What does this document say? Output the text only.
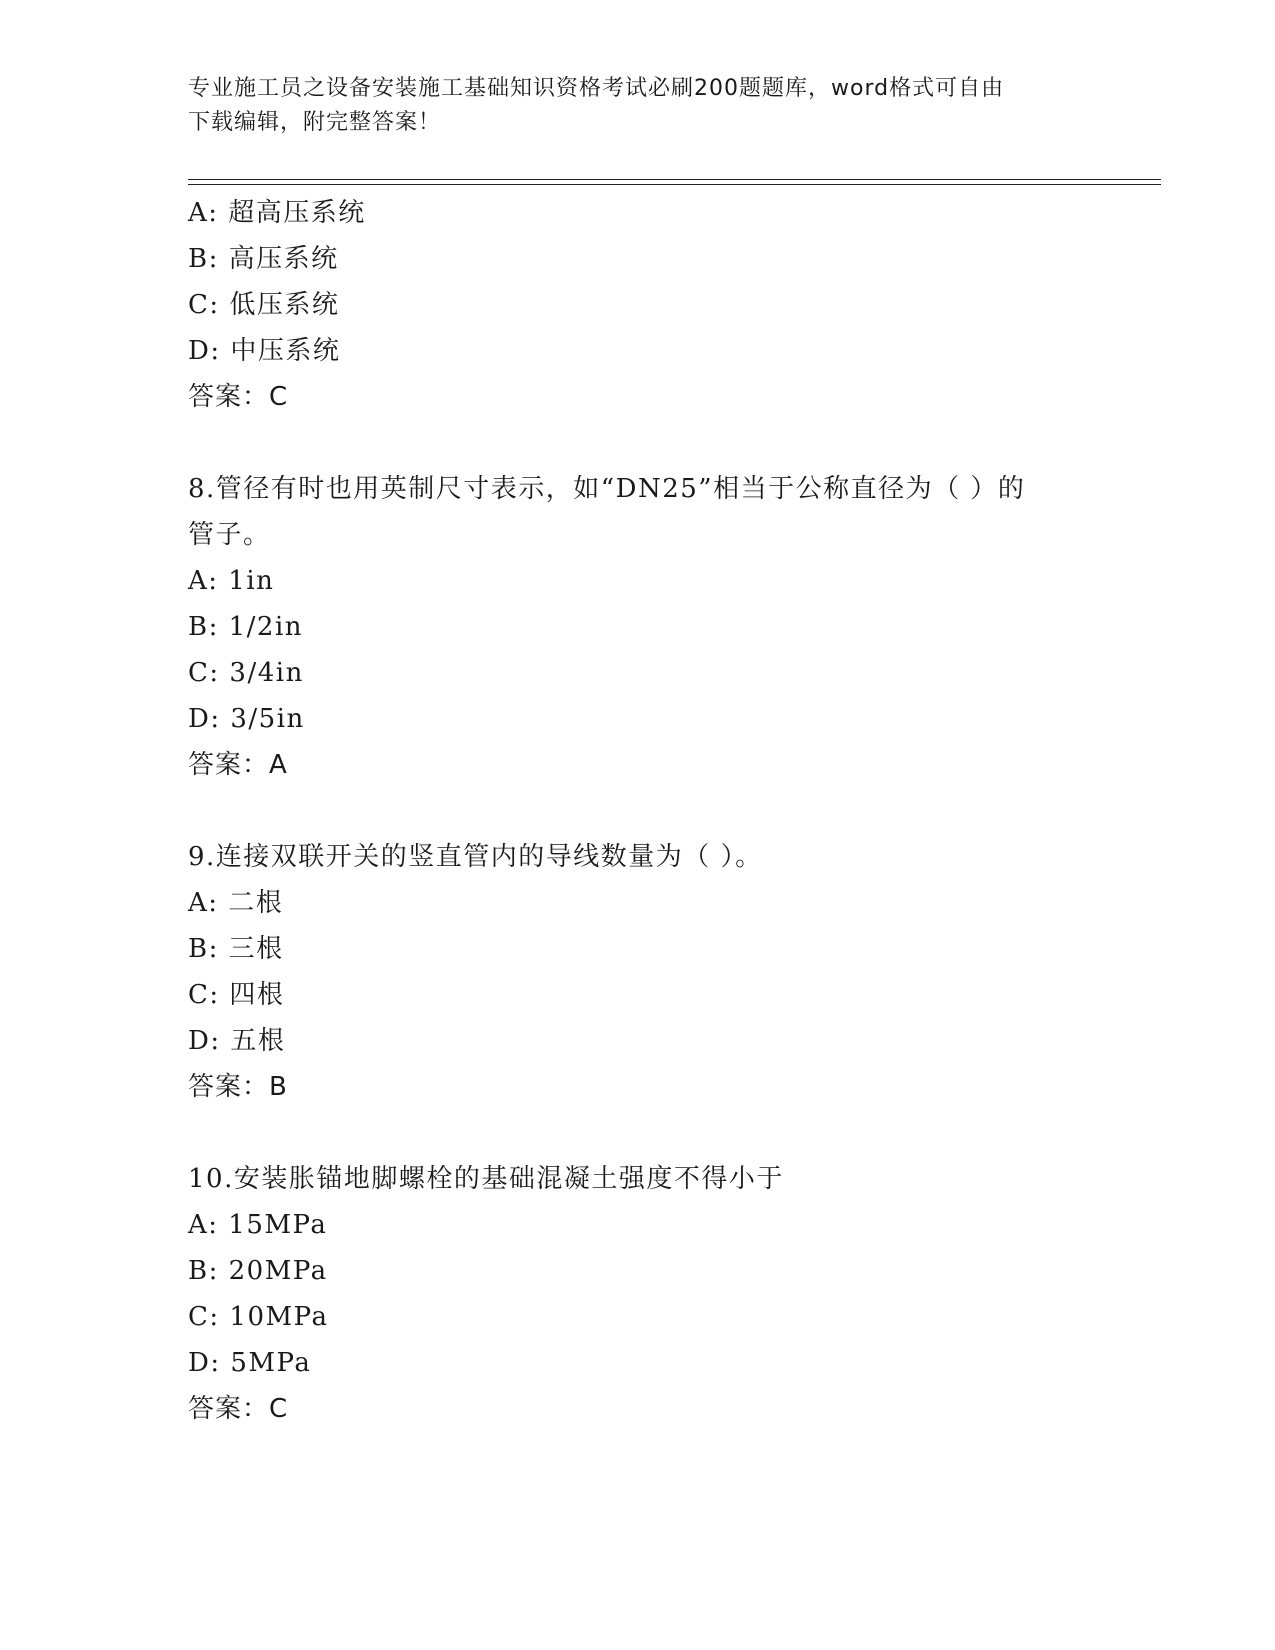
专业施工员之设备安装施工基础知识资格考试必刷200题题库，word格式可自由
下载编辑，附完整答案！
A: 超高压系统
B: 高压系统
C: 低压系统
D: 中压系统
答案：C
8.管径有时也用英制尺寸表示，如“DN25”相当于公称直径为（ ）的
管子。
A: 1in
B: 1/2in
C: 3/4in
D: 3/5in
答案：A
9.连接双联开关的竖直管内的导线数量为（ ）。
A: 二根
B: 三根
C: 四根
D: 五根
答案：B
10.安装胀锚地脚螺栓的基础混凝土强度不得小于
A: 15MPa
B: 20MPa
C: 10MPa
D: 5MPa
答案：C
